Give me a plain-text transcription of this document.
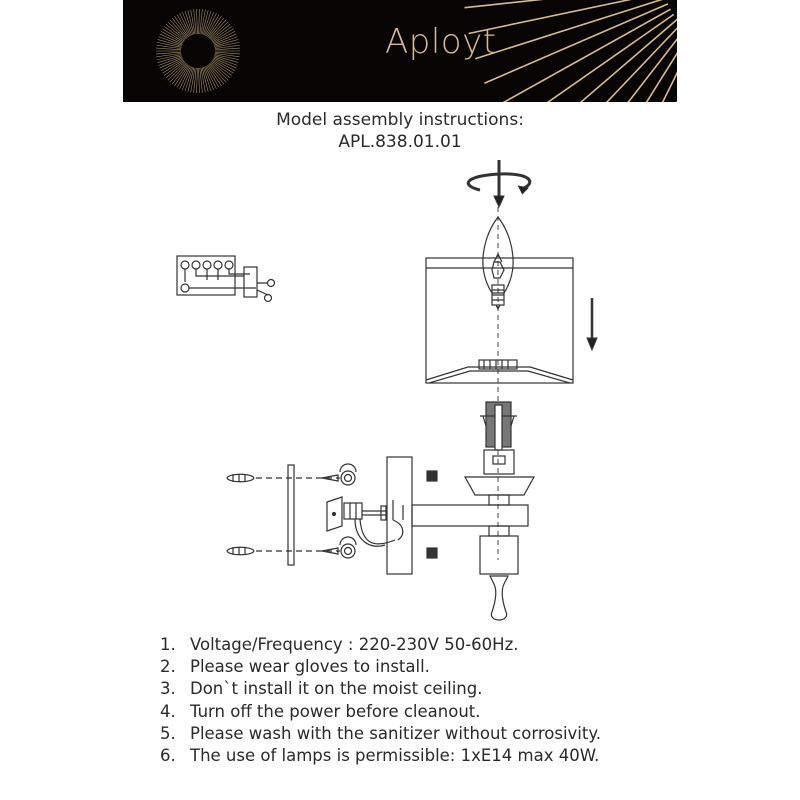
Aployt
Model assembly instructions:
APL.838.01.01
1. Voltage/Frequency : 220-230V 50-60Hz.
2. Please wear gloves to install.
3. Don`t install it on the moist ceiling.
4. Turn off the power before cleanout.
5. Please wash with the sanitizer without corrosivity.
6. The use of lamps is permissible: 1xE14 max 40W.
